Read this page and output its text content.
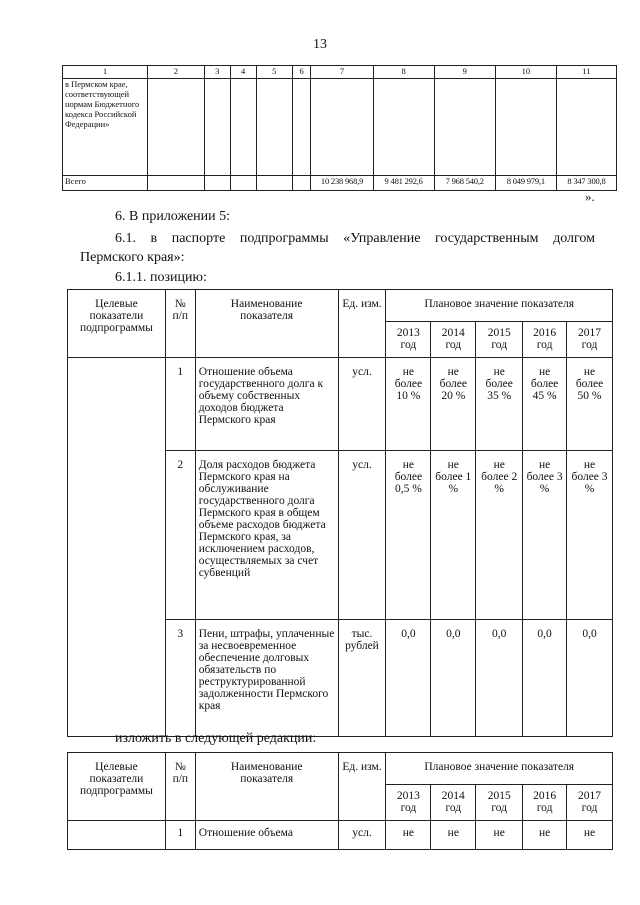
13
1	2	3	4	5	6	7	8	9	10	11
в Пермском крае, соответствующей нормам Бюджетного кодекса Российской Федерации»										
Всего						10 238 968,9	9 481 292,6	7 968 540,2	8 049 979,1	8 347 300,8
».
6. В приложении 5:
6.1. в паспорте подпрограммы «Управление государственным долгом
Пермского края»:
6.1.1. позицию:
Целевые показатели подпрограммы	№ п/п	Наименование показателя	Ед. изм.	Плановое значение показателя				
				2013 год	2014 год	2015 год	2016 год	2017 год
	1	Отношение объема государственного долга к объему собственных доходов бюджета Пермского края	усл.	не более 10 %	не более 20 %	не более 35 %	не более 45 %	не более 50 %
	2	Доля расходов бюджета Пермского края на обслуживание государственного долга Пермского края в общем объеме расходов бюджета Пермского края, за исключением расходов, осуществляемых за счет субвенций	усл.	не более 0,5 %	не более 1 %	не более 2 %	не более 3 %	не более 3 %
	3	Пени, штрафы, уплаченные за несвоевременное обеспечение долговых обязательств по реструктурированной задолженности Пермского края	тыс. рублей	0,0	0,0	0,0	0,0	0,0
изложить в следующей редакции:
Целевые показатели подпрограммы	№ п/п	Наименование показателя	Ед. изм.	Плановое значение показателя				
				2013 год	2014 год	2015 год	2016 год	2017 год
	1	Отношение объема	усл.	не	не	не	не	не
